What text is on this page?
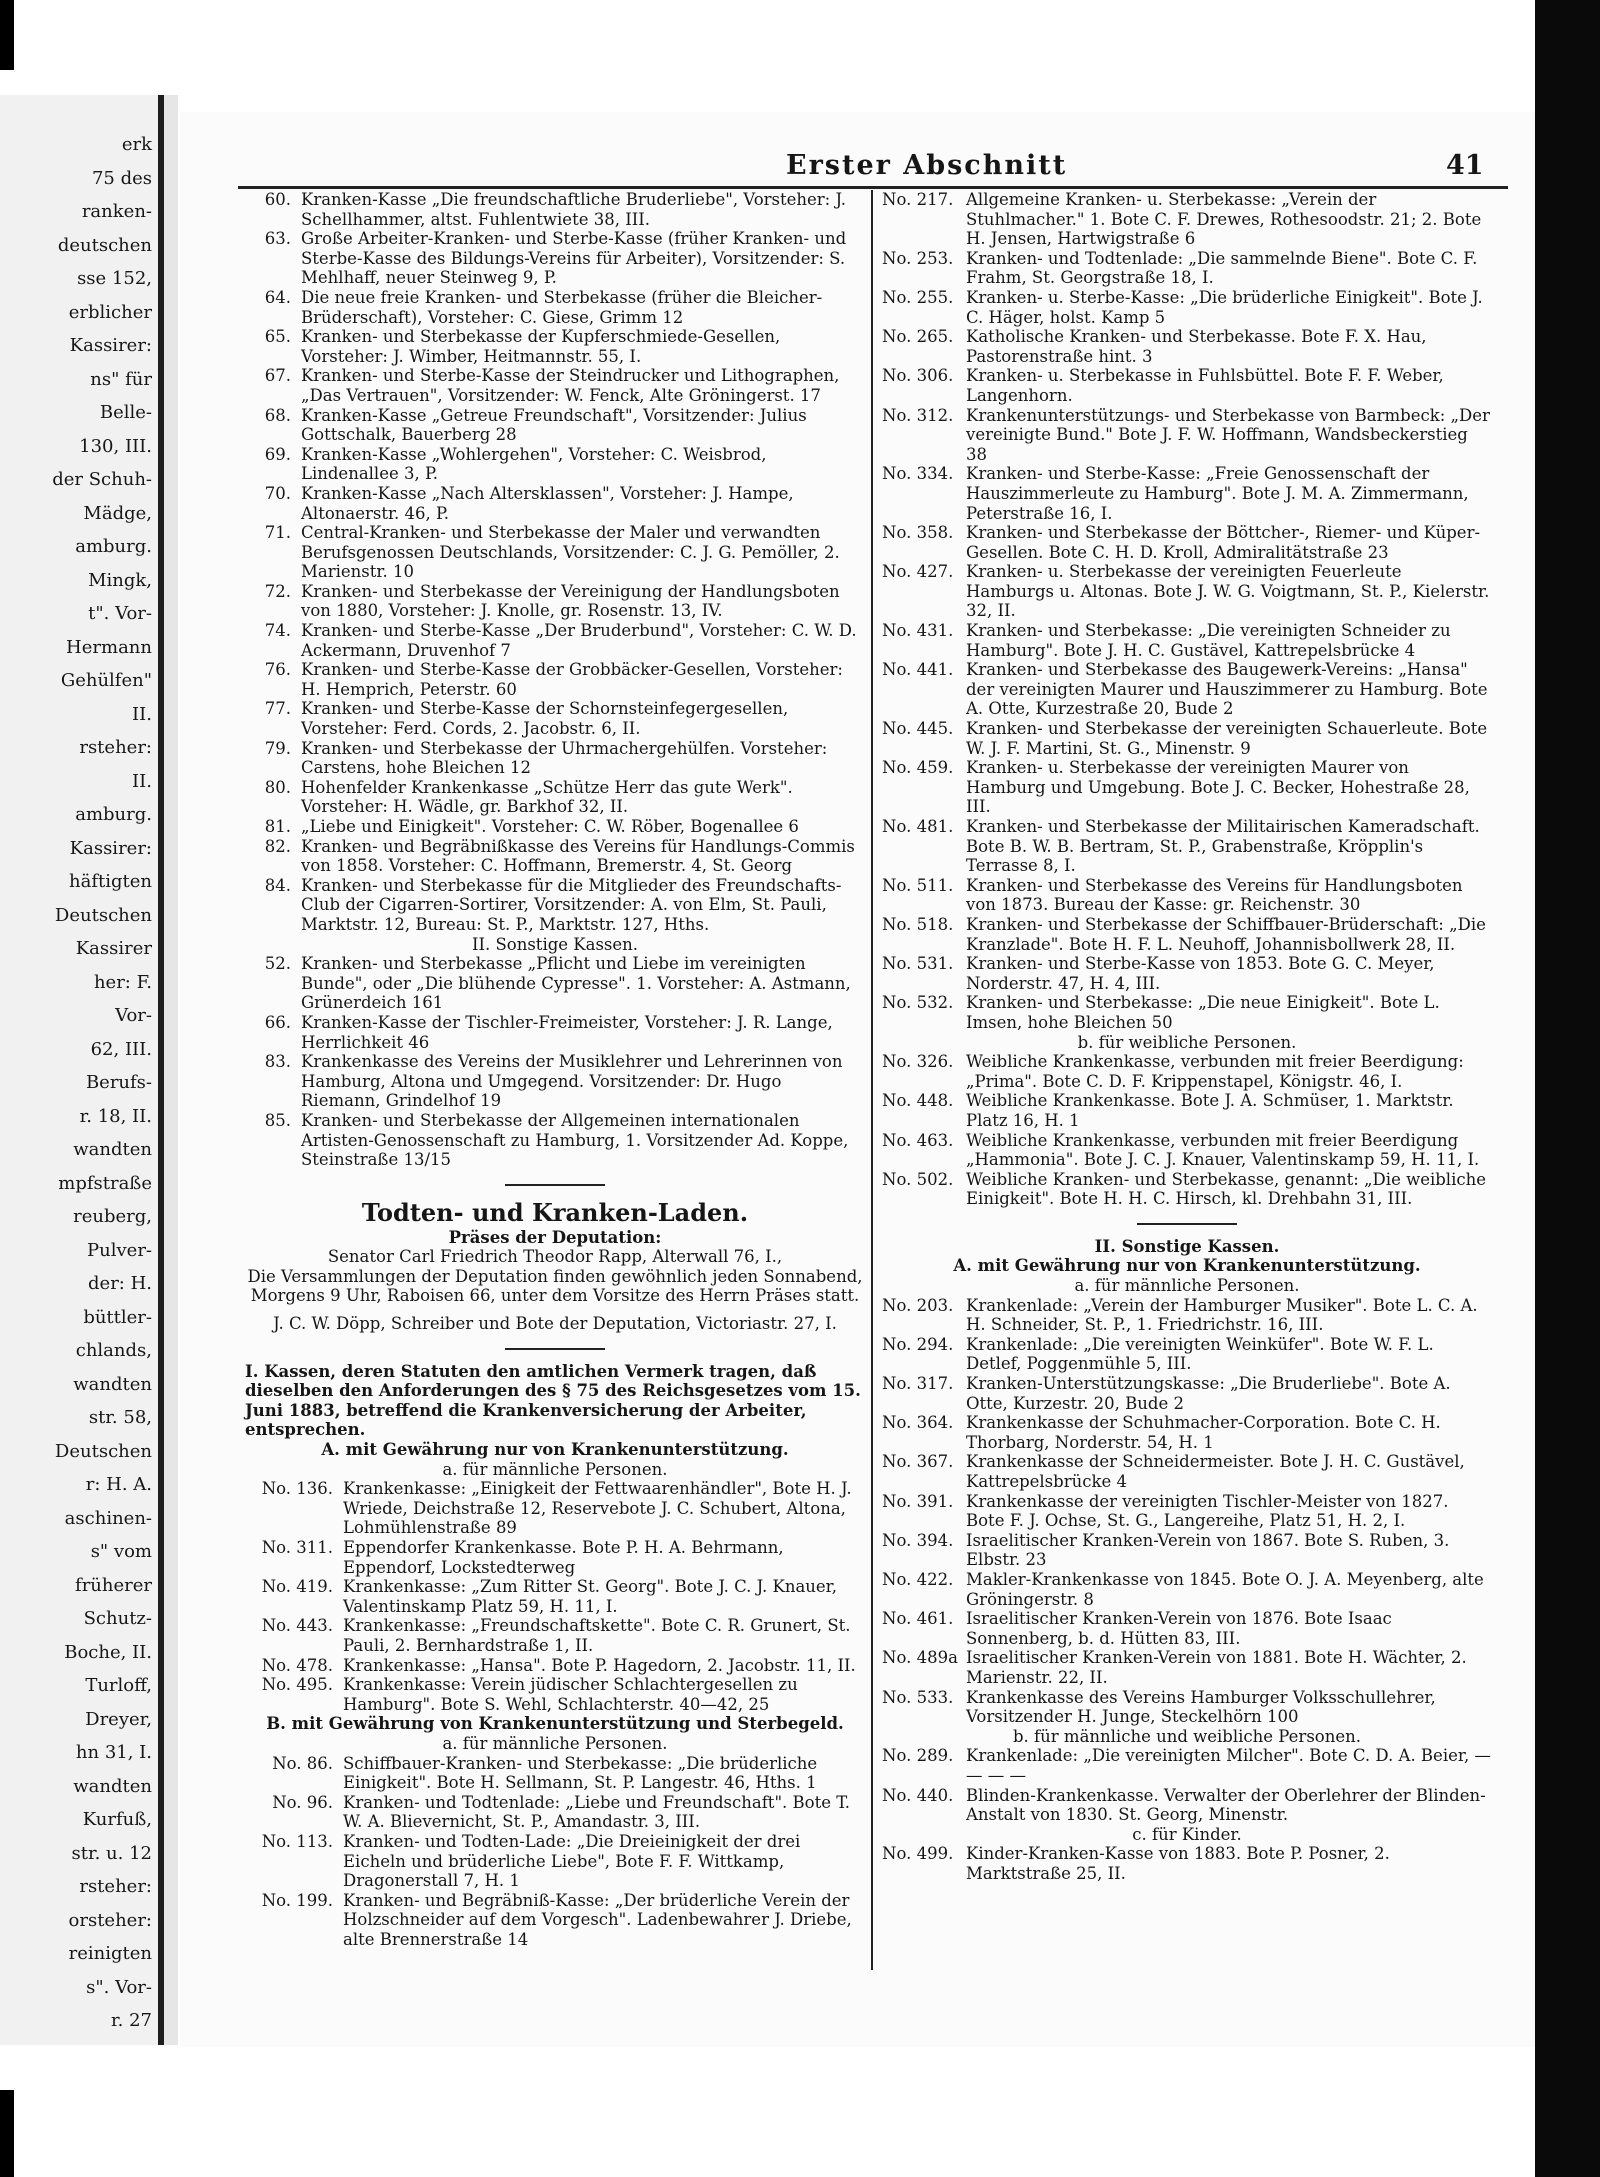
erk
75 des
ranken-
deutschen
sse 152,
erblicher
Kassirer:
ns" für
Belle-
130, III.
der Schuh-
Mädge,
amburg.
Mingk,
t". Vor-
Hermann
Gehülfen"
II.
rsteher:
II.
amburg.
Kassirer:
häftigten
Deutschen
Kassirer
her: F.
Vor-
62, III.
Berufs-
r. 18, II.
wandten
mpfstraße
reuberg,
Pulver-
der: H.
büttler-
chlands,
wandten
str. 58,
Deutschen
r: H. A.
aschinen-
s" vom
früherer
Schutz-
Boche, II.
Turloff,
Dreyer,
hn 31, I.
wandten
Kurfuß,
str. u. 12
rsteher:
orsteher:
reinigten
s". Vor-
r. 27
Erster Abschnitt	41
60. Kranken-Kasse „Die freundschaftliche Bruderliebe", Vorsteher: J. Schellhammer, altst. Fuhlentwiete 38, III.
63. Große Arbeiter-Kranken- und Sterbe-Kasse (früher Kranken- und Sterbe-Kasse des Bildungs-Vereins für Arbeiter), Vorsitzender: S. Mehlhaff, neuer Steinweg 9, P.
64. Die neue freie Kranken- und Sterbekasse (früher die Bleicher-Brüderschaft), Vorsteher: C. Giese, Grimm 12
65. Kranken- und Sterbekasse der Kupferschmiede-Gesellen, Vorsteher: J. Wimber, Heitmannstr. 55, I.
67. Kranken- und Sterbe-Kasse der Steindrucker und Lithographen, „Das Vertrauen", Vorsitzender: W. Fenck, Alte Gröningerst. 17
68. Kranken-Kasse „Getreue Freundschaft", Vorsitzender: Julius Gottschalk, Bauerberg 28
69. Kranken-Kasse „Wohlergehen", Vorsteher: C. Weisbrod, Lindenallee 3, P.
70. Kranken-Kasse „Nach Altersklassen", Vorsteher: J. Hampe, Altonaerstr. 46, P.
71. Central-Kranken- und Sterbekasse der Maler und verwandten Berufsgenossen Deutschlands, Vorsitzender: C. J. G. Pemöller, 2. Marienstr. 10
72. Kranken- und Sterbekasse der Vereinigung der Handlungsboten von 1880, Vorsteher: J. Knolle, gr. Rosenstr. 13, IV.
74. Kranken- und Sterbe-Kasse „Der Bruderbund", Vorsteher: C. W. D. Ackermann, Druvenhof 7
76. Kranken- und Sterbe-Kasse der Grobbäcker-Gesellen, Vorsteher: H. Hemprich, Peterstr. 60
77. Kranken- und Sterbe-Kasse der Schornsteinfegergesellen, Vorsteher: Ferd. Cords, 2. Jacobstr. 6, II.
79. Kranken- und Sterbekasse der Uhrmachergehülfen. Vorsteher: Carstens, hohe Bleichen 12
80. Hohenfelder Krankenkasse „Schütze Herr das gute Werk". Vorsteher: H. Wädle, gr. Barkhof 32, II.
81. „Liebe und Einigkeit". Vorsteher: C. W. Röber, Bogenallee 6
82. Kranken- und Begräbnißkasse des Vereins für Handlungs-Commis von 1858. Vorsteher: C. Hoffmann, Bremerstr. 4, St. Georg
84. Kranken- und Sterbekasse für die Mitglieder des Freundschafts-Club der Cigarren-Sortirer, Vorsitzender: A. von Elm, St. Pauli, Marktstr. 12, Bureau: St. P., Marktstr. 127, Hths.
II. Sonstige Kassen.
52. Kranken- und Sterbekasse „Pflicht und Liebe im vereinigten Bunde", oder „Die blühende Cypresse". 1. Vorsteher: A. Astmann, Grünerdeich 161
66. Kranken-Kasse der Tischler-Freimeister, Vorsteher: J. R. Lange, Herrlichkeit 46
83. Krankenkasse des Vereins der Musiklehrer und Lehrerinnen von Hamburg, Altona und Umgegend. Vorsitzender: Dr. Hugo Riemann, Grindelhof 19
85. Kranken- und Sterbekasse der Allgemeinen internationalen Artisten-Genossenschaft zu Hamburg, 1. Vorsitzender Ad. Koppe, Steinstraße 13/15
Todten- und Kranken-Laden.
Präses der Deputation:
Senator Carl Friedrich Theodor Rapp, Alterwall 76, I.,
Die Versammlungen der Deputation finden gewöhnlich jeden Sonnabend,
Morgens 9 Uhr, Raboisen 66, unter dem Vorsitze des Herrn Präses statt.
J. C. W. Döpp, Schreiber und Bote der Deputation, Victoriastr. 27, I.
I. Kassen, deren Statuten den amtlichen Vermerk tragen, daß dieselben den Anforderungen des § 75 des Reichsgesetzes vom 15. Juni 1883, betreffend die Krankenversicherung der Arbeiter, entsprechen.
A. mit Gewährung nur von Krankenunterstützung.
a. für männliche Personen.
No. 136. Krankenkasse: „Einigkeit der Fettwaarenhändler", Bote H. J. Wriede, Deichstraße 12, Reservebote J. C. Schubert, Altona, Lohmühlenstraße 89
No. 311. Eppendorfer Krankenkasse. Bote P. H. A. Behrmann, Eppendorf, Lockstedterweg
No. 419. Krankenkasse: „Zum Ritter St. Georg". Bote J. C. J. Knauer, Valentinskamp Platz 59, H. 11, I.
No. 443. Krankenkasse: „Freundschaftskette". Bote C. R. Grunert, St. Pauli, 2. Bernhardstraße 1, II.
No. 478. Krankenkasse: „Hansa". Bote P. Hagedorn, 2. Jacobstr. 11, II.
No. 495. Krankenkasse: Verein jüdischer Schlachtergesellen zu Hamburg". Bote S. Wehl, Schlachterstr. 40—42, 25
B. mit Gewährung von Krankenunterstützung und Sterbegeld.
a. für männliche Personen.
No. 86. Schiffbauer-Kranken- und Sterbekasse: „Die brüderliche Einigkeit". Bote H. Sellmann, St. P. Langestr. 46, Hths. 1
No. 96. Kranken- und Todtenlade: „Liebe und Freundschaft". Bote T. W. A. Blievernicht, St. P., Amandastr. 3, III.
No. 113. Kranken- und Todten-Lade: „Die Dreieinigkeit der drei Eicheln und brüderliche Liebe", Bote F. F. Wittkamp, Dragonerstall 7, H. 1
No. 199. Kranken- und Begräbniß-Kasse: „Der brüderliche Verein der Holzschneider auf dem Vorgesch". Ladenbewahrer J. Driebe, alte Brennerstraße 14
No. 217. Allgemeine Kranken- u. Sterbekasse: „Verein der Stuhlmacher." 1. Bote C. F. Drewes, Rothesoodstr. 21; 2. Bote H. Jensen, Hartwigstraße 6
No. 253. Kranken- und Todtenlade: „Die sammelnde Biene". Bote C. F. Frahm, St. Georgstraße 18, I.
No. 255. Kranken- u. Sterbe-Kasse: „Die brüderliche Einigkeit". Bote J. C. Häger, holst. Kamp 5
No. 265. Katholische Kranken- und Sterbekasse. Bote F. X. Hau, Pastorenstraße hint. 3
No. 306. Kranken- u. Sterbekasse in Fuhlsbüttel. Bote F. F. Weber, Langenhorn.
No. 312. Krankenunterstützungs- und Sterbekasse von Barmbeck: „Der vereinigte Bund." Bote J. F. W. Hoffmann, Wandsbeckerstieg 38
No. 334. Kranken- und Sterbe-Kasse: „Freie Genossenschaft der Hauszimmerleute zu Hamburg". Bote J. M. A. Zimmermann, Peterstraße 16, I.
No. 358. Kranken- und Sterbekasse der Böttcher-, Riemer- und Küper-Gesellen. Bote C. H. D. Kroll, Admiralitätstraße 23
No. 427. Kranken- u. Sterbekasse der vereinigten Feuerleute Hamburgs u. Altonas. Bote J. W. G. Voigtmann, St. P., Kielerstr. 32, II.
No. 431. Kranken- und Sterbekasse: „Die vereinigten Schneider zu Hamburg". Bote J. H. C. Gustävel, Kattrepelsbrücke 4
No. 441. Kranken- und Sterbekasse des Baugewerk-Vereins: „Hansa" der vereinigten Maurer und Hauszimmerer zu Hamburg. Bote A. Otte, Kurzestraße 20, Bude 2
No. 445. Kranken- und Sterbekasse der vereinigten Schauerleute. Bote W. J. F. Martini, St. G., Minenstr. 9
No. 459. Kranken- u. Sterbekasse der vereinigten Maurer von Hamburg und Umgebung. Bote J. C. Becker, Hohestraße 28, III.
No. 481. Kranken- und Sterbekasse der Militairischen Kameradschaft. Bote B. W. B. Bertram, St. P., Grabenstraße, Kröpplin's Terrasse 8, I.
No. 511. Kranken- und Sterbekasse des Vereins für Handlungsboten von 1873. Bureau der Kasse: gr. Reichenstr. 30
No. 518. Kranken- und Sterbekasse der Schiffbauer-Brüderschaft: „Die Kranzlade". Bote H. F. L. Neuhoff, Johannisbollwerk 28, II.
No. 531. Kranken- und Sterbe-Kasse von 1853. Bote G. C. Meyer, Norderstr. 47, H. 4, III.
No. 532. Kranken- und Sterbekasse: „Die neue Einigkeit". Bote L. Imsen, hohe Bleichen 50
b. für weibliche Personen.
No. 326. Weibliche Krankenkasse, verbunden mit freier Beerdigung: „Prima". Bote C. D. F. Krippenstapel, Königstr. 46, I.
No. 448. Weibliche Krankenkasse. Bote J. A. Schmüser, 1. Marktstr. Platz 16, H. 1
No. 463. Weibliche Krankenkasse, verbunden mit freier Beerdigung „Hammonia". Bote J. C. J. Knauer, Valentinskamp 59, H. 11, I.
No. 502. Weibliche Kranken- und Sterbekasse, genannt: „Die weibliche Einigkeit". Bote H. H. C. Hirsch, kl. Drehbahn 31, III.
II. Sonstige Kassen.
A. mit Gewährung nur von Krankenunterstützung.
a. für männliche Personen.
No. 203. Krankenlade: „Verein der Hamburger Musiker". Bote L. C. A. H. Schneider, St. P., 1. Friedrichstr. 16, III.
No. 294. Krankenlade: „Die vereinigten Weinküfer". Bote W. F. L. Detlef, Poggenmühle 5, III.
No. 317. Kranken-Unterstützungskasse: „Die Bruderliebe". Bote A. Otte, Kurzestr. 20, Bude 2
No. 364. Krankenkasse der Schuhmacher-Corporation. Bote C. H. Thorbarg, Norderstr. 54, H. 1
No. 367. Krankenkasse der Schneidermeister. Bote J. H. C. Gustävel, Kattrepelsbrücke 4
No. 391. Krankenkasse der vereinigten Tischler-Meister von 1827. Bote F. J. Ochse, St. G., Langereihe, Platz 51, H. 2, I.
No. 394. Israelitischer Kranken-Verein von 1867. Bote S. Ruben, 3. Elbstr. 23
No. 422. Makler-Krankenkasse von 1845. Bote O. J. A. Meyenberg, alte Gröningerstr. 8
No. 461. Israelitischer Kranken-Verein von 1876. Bote Isaac Sonnenberg, b. d. Hütten 83, III.
No. 489a Israelitischer Kranken-Verein von 1881. Bote H. Wächter, 2. Marienstr. 22, II.
No. 533. Krankenkasse des Vereins Hamburger Volksschullehrer, Vorsitzender H. Junge, Steckelhörn 100
b. für männliche und weibliche Personen.
No. 289. Krankenlade: „Die vereinigten Milcher". Bote C. D. A. Beier, — — — —
No. 440. Blinden-Krankenkasse. Verwalter der Oberlehrer der Blinden-Anstalt von 1830. St. Georg, Minenstr.
c. für Kinder.
No. 499. Kinder-Kranken-Kasse von 1883. Bote P. Posner, 2. Marktstraße 25, II.
